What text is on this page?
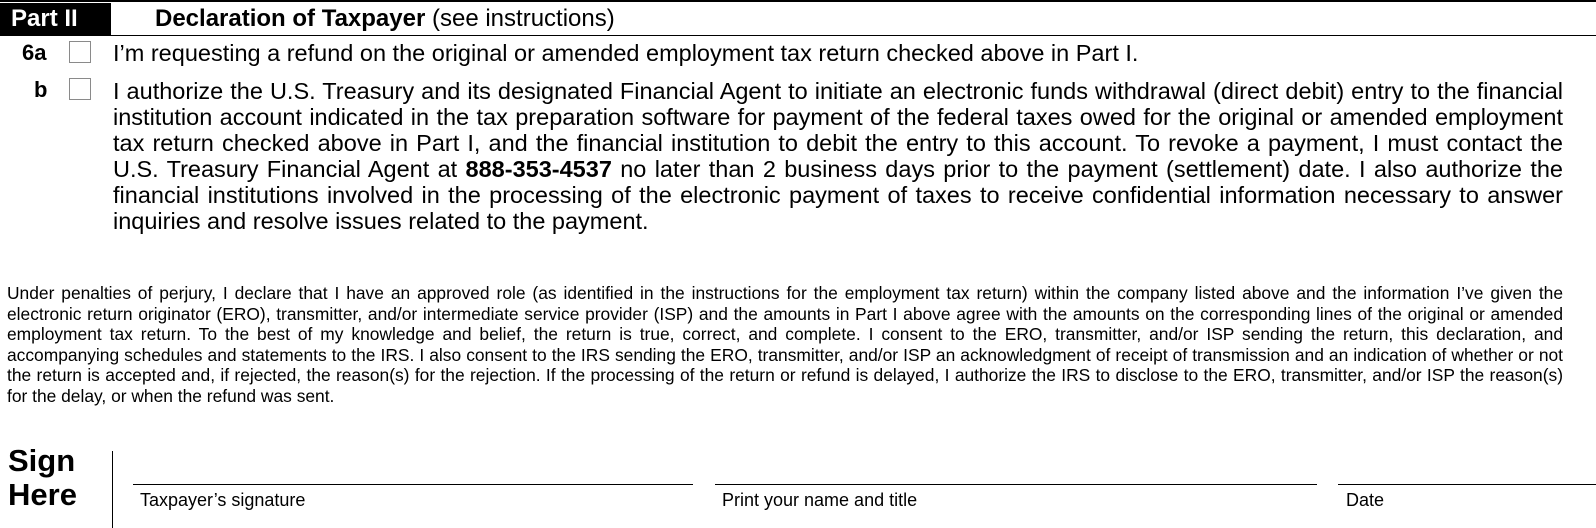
Part II	Declaration of Taxpayer (see instructions)
6a	I’m requesting a refund on the original or amended employment tax return checked above in Part I.
b	I authorize the U.S. Treasury and its designated Financial Agent to initiate an electronic funds withdrawal (direct debit) entry to the financial institution account indicated in the tax preparation software for payment of the federal taxes owed for the original or amended employment tax return checked above in Part I, and the financial institution to debit the entry to this account. To revoke a payment, I must contact the U.S. Treasury Financial Agent at 888-353-4537 no later than 2 business days prior to the payment (settlement) date. I also authorize the financial institutions involved in the processing of the electronic payment of taxes to receive confidential information necessary to answer inquiries and resolve issues related to the payment.
Under penalties of perjury, I declare that I have an approved role (as identified in the instructions for the employment tax return) within the company listed above and the information I’ve given the electronic return originator (ERO), transmitter, and/or intermediate service provider (ISP) and the amounts in Part I above agree with the amounts on the corresponding lines of the original or amended employment tax return. To the best of my knowledge and belief, the return is true, correct, and complete. I consent to the ERO, transmitter, and/or ISP sending the return, this declaration, and accompanying schedules and statements to the IRS. I also consent to the IRS sending the ERO, transmitter, and/or ISP an acknowledgment of receipt of transmission and an indication of whether or not the return is accepted and, if rejected, the reason(s) for the rejection. If the processing of the return or refund is delayed, I authorize the IRS to disclose to the ERO, transmitter, and/or ISP the reason(s) for the delay, or when the refund was sent.
Sign
Here	Taxpayer’s signature	Print your name and title	Date
